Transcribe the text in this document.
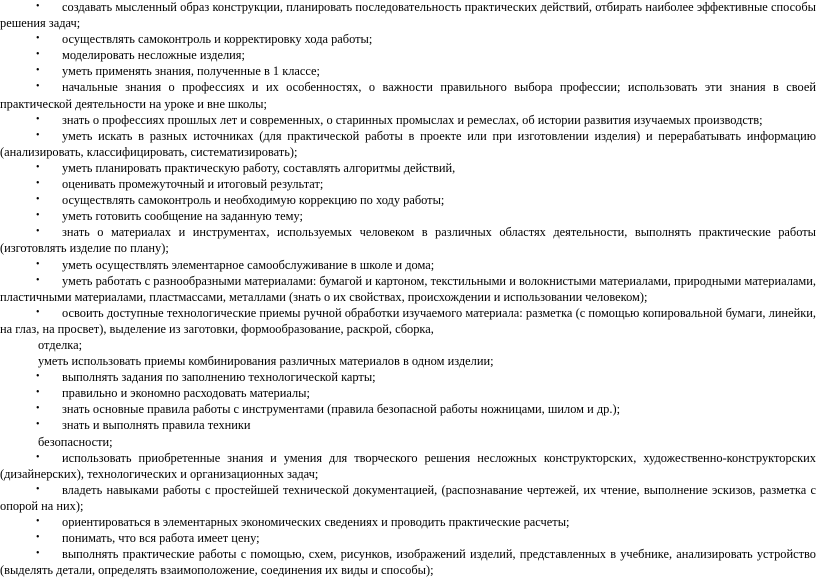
• создавать мысленный образ конструкции, планировать последовательность практических действий, отбирать наиболее эффективные способы решения задач;

• осуществлять самоконтроль и корректировку хода работы;

• моделировать несложные изделия;

• уметь применять знания, полученные в 1 классе;

• начальные знания о профессиях и их особенностях, о важности правильного выбора профессии; использовать эти знания в своей практической деятельности на уроке и вне школы;

• знать о профессиях прошлых лет и современных, о старинных промыслах и ремеслах, об истории развития изучаемых производств;

• уметь искать в разных источниках (для практической работы в проекте или при изготовлении изделия) и перерабатывать информацию (анализировать, классифицировать, систематизировать);

• уметь планировать практическую работу, составлять алгоритмы действий,

• оценивать промежуточный и итоговый результат;

• осуществлять самоконтроль и необходимую коррекцию по ходу работы;

• уметь готовить сообщение на заданную тему;

• знать о материалах и инструментах, используемых человеком в различных областях деятельности, выполнять практические работы (изготовлять изделие по плану);

• уметь осуществлять элементарное самообслуживание в школе и дома;

• уметь работать с разнообразными материалами: бумагой и картоном, текстильными и волокнистыми материалами, природными материалами, пластичными материалами, пластмассами, металлами (знать о их свойствах, происхождении и использовании человеком);

• освоить доступные технологические приемы ручной обработки изучаемого материала: разметка (с помощью копировальной бумаги, линейки, на глаз, на просвет), выделение из заготовки, формообразование, раскрой, сборка,

отделка;

уметь использовать приемы комбинирования различных материалов в одном изделии;

• выполнять задания по заполнению технологической карты;

• правильно и экономно расходовать материалы;

• знать основные правила работы с инструментами (правила безопасной работы ножницами, шилом и др.);

• знать и выполнять правила техники

безопасности;

• использовать приобретенные знания и умения для творческого решения несложных конструкторских, художественно-конструкторских (дизайнерских), технологических и организационных задач;

• владеть навыками работы с простейшей технической документацией, (распознавание чертежей, их чтение, выполнение эскизов, разметка с опорой на них);

• ориентироваться в элементарных экономических сведениях и проводить практические расчеты;

• понимать, что вся работа имеет цену;

• выполнять практические работы с помощью, схем, рисунков, изображений изделий, представленных в учебнике, анализировать устройство (выделять детали, определять взаимоположение, соединения их виды и способы);
